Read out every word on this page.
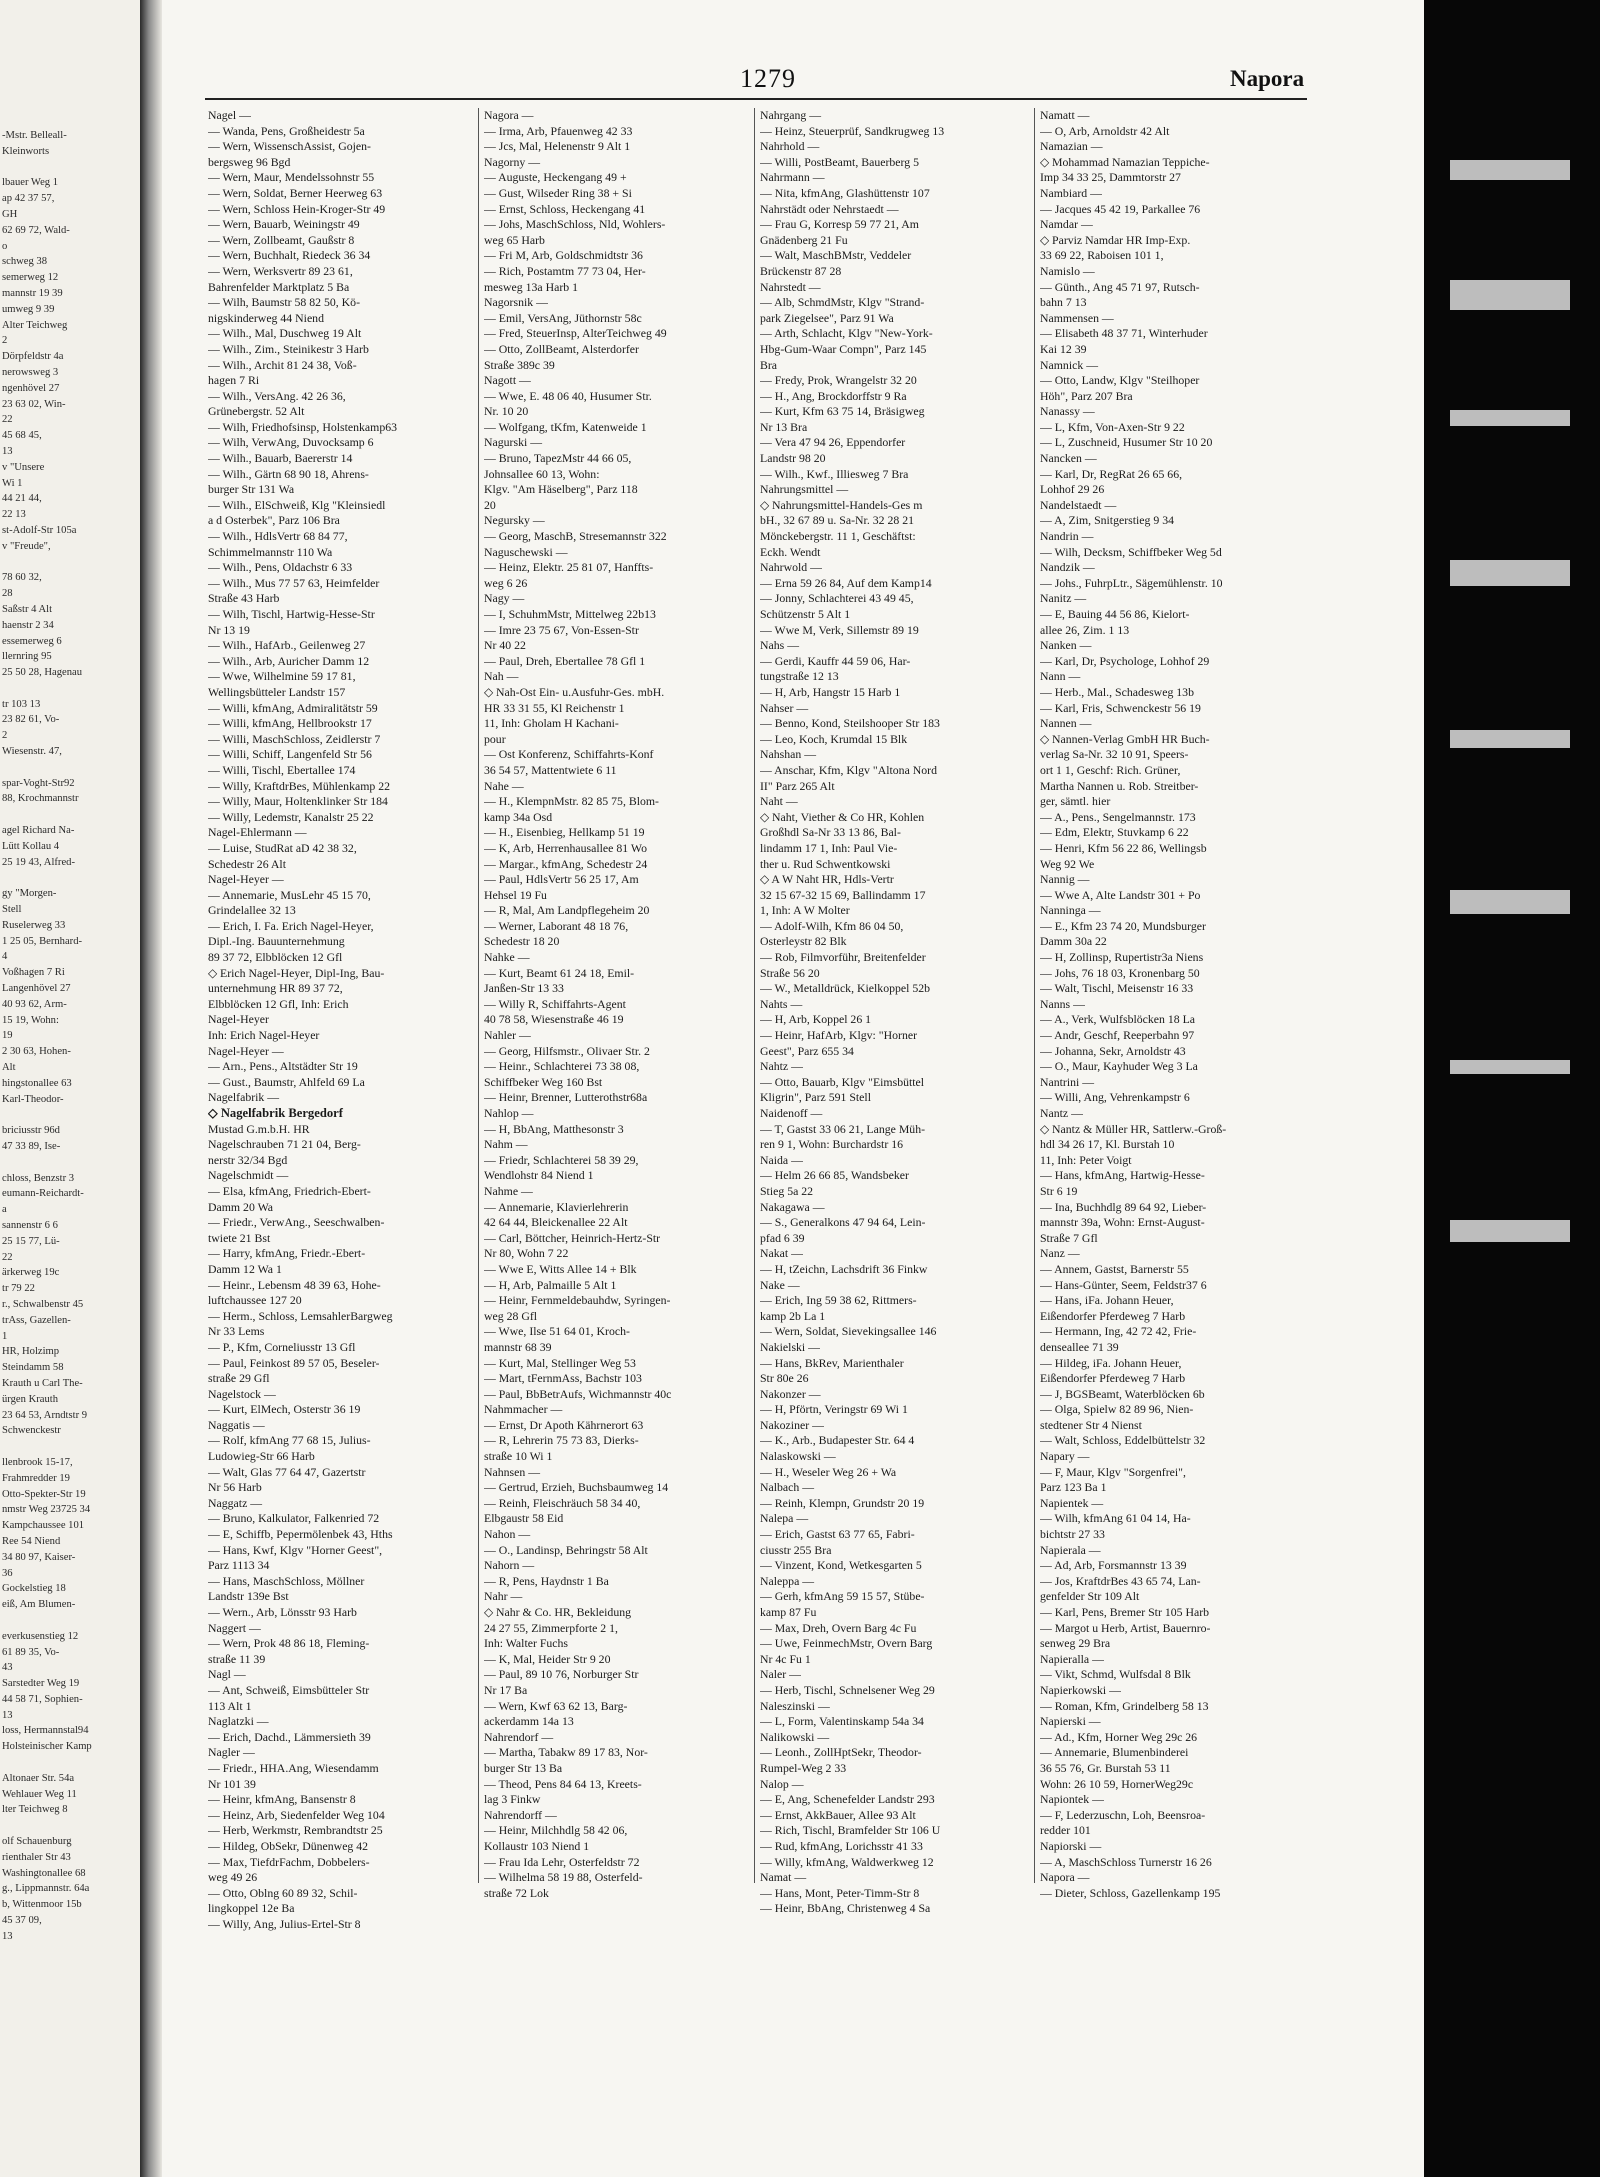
-Mstr. Belleall-
Kleinworts
lbauer Weg 1
ap 42 37 57,
GH
62 69 72, Wald-
o
schweg 38
semerweg 12
mannstr 19 39
umweg 9 39
Alter Teichweg
2
Dörpfeldstr 4a
nerowsweg 3
ngenhövel 27
23 63 02, Win-
22
45 68 45,
13
v "Unsere
Wi 1
44 21 44,
22 13
st-Adolf-Str 105a
v "Freude",
78 60 32,
28
Saßstr 4 Alt
haenstr 2 34
essemerweg 6
llernring 95
25 50 28, Hagenau
tr 103 13
23 82 61, Vo-
2
Wiesenstr. 47,
spar-Voght-Str92
88, Krochmannstr
agel Richard Na-
Lütt Kollau 4
25 19 43, Alfred-
gy "Morgen-
Stell
Ruselerweg 33
1 25 05, Bernhard-
4
Voßhagen 7 Ri
Langenhövel 27
40 93 62, Arm-
15 19, Wohn:
19
2 30 63, Hohen-
Alt
hingstonallee 63
Karl-Theodor-
briciusstr 96d
47 33 89, Ise-
chloss, Benzstr 3
eumann-Reichardt-
a
sannenstr 6 6
25 15 77, Lü-
22
ärkerweg 19c
tr 79 22
r., Schwalbenstr 45
trAss, Gazellen-
1
HR, Holzimp
Steindamm 58
Krauth u Carl The-
ürgen Krauth
23 64 53, Arndtstr 9
Schwenckestr
llenbrook 15-17,
Frahmredder 19
Otto-Spekter-Str 19
nmstr Weg 23725 34
Kampchaussee 101
Ree 54 Niend
34 80 97, Kaiser-
36
Gockelstieg 18
eiß, Am Blumen-
everkusenstieg 12
61 89 35, Vo-
43
Sarstedter Weg 19
44 58 71, Sophien-
13
loss, Hermannstal94
Holsteinischer Kamp
Altonaer Str. 54a
Wehlauer Weg 11
lter Teichweg 8
olf Schauenburg
rienthaler Str 43
Washingtonallee 68
g., Lippmannstr. 64a
b, Wittenmoor 15b
45 37 09,
13
1279	Napora
Nagel —
— Wanda, Pens, Großheidestr 5a
— Wern, WissenschAssist, Gojen-
bergsweg 96 Bgd
— Wern, Maur, Mendelssohnstr 55
— Wern, Soldat, Berner Heerweg 63
— Wern, Schloss Hein-Kroger-Str 49
— Wern, Bauarb, Weiningstr 49
— Wern, Zollbeamt, Gaußstr 8
— Wern, Buchhalt, Riedeck 36 34
— Wern, Werksvertr 89 23 61,
Bahrenfelder Marktplatz 5 Ba
— Wilh, Baumstr 58 82 50, Kö-
nigskinderweg 44 Niend
— Wilh., Mal, Duschweg 19 Alt
— Wilh., Zim., Steinikestr 3 Harb
— Wilh., Archit 81 24 38, Voß-
hagen 7 Ri
— Wilh., VersAng. 42 26 36,
Grünebergstr. 52 Alt
— Wilh, Friedhofsinsp, Holstenkamp63
— Wilh, VerwAng, Duvocksamp 6
— Wilh., Bauarb, Baererstr 14
— Wilh., Gärtn 68 90 18, Ahrens-
burger Str 131 Wa
— Wilh., ElSchweiß, Klg "Kleinsiedl
a d Osterbek", Parz 106 Bra
— Wilh., HdlsVertr 68 84 77,
Schimmelmannstr 110 Wa
— Wilh., Pens, Oldachstr 6 33
— Wilh., Mus 77 57 63, Heimfelder
Straße 43 Harb
— Wilh, Tischl, Hartwig-Hesse-Str
Nr 13 19
— Wilh., HafArb., Geilenweg 27
— Wilh., Arb, Auricher Damm 12
— Wwe, Wilhelmine 59 17 81,
Wellingsbütteler Landstr 157
— Willi, kfmAng, Admiralitätstr 59
— Willi, kfmAng, Hellbrookstr 17
— Willi, MaschSchloss, Zeidlerstr 7
— Willi, Schiff, Langenfeld Str 56
— Willi, Tischl, Ebertallee 174
— Willy, KraftdrBes, Mühlenkamp 22
— Willy, Maur, Holtenklinker Str 184
— Willy, Ledemstr, Kanalstr 25 22
Nagel-Ehlermann —
— Luise, StudRat aD 42 38 32,
Schedestr 26 Alt
Nagel-Heyer —
— Annemarie, MusLehr 45 15 70,
Grindelallee 32 13
— Erich, I. Fa. Erich Nagel-Heyer,
Dipl.-Ing. Bauunternehmung
89 37 72, Elbblöcken 12 Gfl
◇ Erich Nagel-Heyer, Dipl-Ing, Bau-
unternehmung HR 89 37 72,
Elbblöcken 12 Gfl, Inh: Erich
Nagel-Heyer
Inh: Erich Nagel-Heyer
Nagel-Heyer —
— Arn., Pens., Altstädter Str 19
— Gust., Baumstr, Ahlfeld 69 La
Nagelfabrik —
◇ Nagelfabrik Bergedorf
Mustad G.m.b.H. HR
Nagelschrauben 71 21 04, Berg-
nerstr 32/34 Bgd
Nagelschmidt —
— Elsa, kfmAng, Friedrich-Ebert-
Damm 20 Wa
— Friedr., VerwAng., Seeschwalben-
twiete 21 Bst
— Harry, kfmAng, Friedr.-Ebert-
Damm 12 Wa 1
— Heinr., Lebensm 48 39 63, Hohe-
luftchaussee 127 20
— Herm., Schloss, LemsahlerBargweg
Nr 33 Lems
— P., Kfm, Corneliusstr 13 Gfl
— Paul, Feinkost 89 57 05, Beseler-
straße 29 Gfl
Nagelstock —
— Kurt, ElMech, Osterstr 36 19
Naggatis —
— Rolf, kfmAng 77 68 15, Julius-
Ludowieg-Str 66 Harb
— Walt, Glas 77 64 47, Gazertstr
Nr 56 Harb
Naggatz —
— Bruno, Kalkulator, Falkenried 72
— E, Schiffb, Pepermölenbek 43, Hths
— Hans, Kwf, Klgv "Horner Geest",
Parz 1113 34
— Hans, MaschSchloss, Möllner
Landstr 139e Bst
— Wern., Arb, Lönsstr 93 Harb
Naggert —
— Wern, Prok 48 86 18, Fleming-
straße 11 39
Nagl —
— Ant, Schweiß, Eimsbütteler Str
113 Alt 1
Naglatzki —
— Erich, Dachd., Lämmersieth 39
Nagler —
— Friedr., HHA.Ang, Wiesendamm
Nr 101 39
— Heinr, kfmAng, Bansenstr 8
— Heinz, Arb, Siedenfelder Weg 104
— Herb, Werkmstr, Rembrandtstr 25
— Hildeg, ObSekr, Dünenweg 42
— Max, TiefdrFachm, Dobbelers-
weg 49 26
— Otto, Oblng 60 89 32, Schil-
lingkoppel 12e Ba
— Willy, Ang, Julius-Ertel-Str 8
Nagora —
— Irma, Arb, Pfauenweg 42 33
— Jcs, Mal, Helenenstr 9 Alt 1
Nagorny —
— Auguste, Heckengang 49 +
— Gust, Wilseder Ring 38 + Si
— Ernst, Schloss, Heckengang 41
— Johs, MaschSchloss, Nld, Wohlers-
weg 65 Harb
— Fri M, Arb, Goldschmidtstr 36
— Rich, Postamtm 77 73 04, Her-
mesweg 13a Harb 1
Nagorsnik —
— Emil, VersAng, Jüthornstr 58c
— Fred, SteuerInsp, AlterTeichweg 49
— Otto, ZollBeamt, Alsterdorfer
Straße 389c 39
Nagott —
— Wwe, E. 48 06 40, Husumer Str.
Nr. 10 20
— Wolfgang, tKfm, Katenweide 1
Nagurski —
— Bruno, TapezMstr 44 66 05,
Johnsallee 60 13, Wohn:
Klgv. "Am Häselberg", Parz 118
20
Negursky —
— Georg, MaschB, Stresemannstr 322
Naguschewski —
— Heinz, Elektr. 25 81 07, Hanffts-
weg 6 26
Nagy —
— I, SchuhmMstr, Mittelweg 22b13
— Imre 23 75 67, Von-Essen-Str
Nr 40 22
— Paul, Dreh, Ebertallee 78 Gfl 1
Nah —
◇ Nah-Ost Ein- u.Ausfuhr-Ges. mbH.
HR 33 31 55, Kl Reichenstr 1
11, Inh: Gholam H Kachani-
pour
— Ost Konferenz, Schiffahrts-Konf
36 54 57, Mattentwiete 6 11
Nahe —
— H., KlempnMstr. 82 85 75, Blom-
kamp 34a Osd
— H., Eisenbieg, Hellkamp 51 19
— K, Arb, Herrenhausallee 81 Wo
— Margar., kfmAng, Schedestr 24
— Paul, HdlsVertr 56 25 17, Am
Hehsel 19 Fu
— R, Mal, Am Landpflegeheim 20
— Werner, Laborant 48 18 76,
Schedestr 18 20
Nahke —
— Kurt, Beamt 61 24 18, Emil-
Janßen-Str 13 33
— Willy R, Schiffahrts-Agent
40 78 58, Wiesenstraße 46 19
Nahler —
— Georg, Hilfsmstr., Olivaer Str. 2
— Heinr., Schlachterei 73 38 08,
Schiffbeker Weg 160 Bst
— Heinr, Brenner, Lutterothstr68a
Nahlop —
— H, BbAng, Matthesonstr 3
Nahm —
— Friedr, Schlachterei 58 39 29,
Wendlohstr 84 Niend 1
Nahme —
— Annemarie, Klavierlehrerin
42 64 44, Bleickenallee 22 Alt
— Carl, Böttcher, Heinrich-Hertz-Str
Nr 80, Wohn 7 22
— Wwe E, Witts Allee 14 + Blk
— H, Arb, Palmaille 5 Alt 1
— Heinr, Fernmeldebauhdw, Syringen-
weg 28 Gfl
— Wwe, Ilse 51 64 01, Kroch-
mannstr 68 39
— Kurt, Mal, Stellinger Weg 53
— Mart, tFernmAss, Bachstr 103
— Paul, BbBetrAufs, Wichmannstr 40c
Nahmmacher —
— Ernst, Dr Apoth Kährnerort 63
— R, Lehrerin 75 73 83, Dierks-
straße 10 Wi 1
Nahnsen —
— Gertrud, Erzieh, Buchsbaumweg 14
— Reinh, Fleischräuch 58 34 40,
Elbgaustr 58 Eid
Nahon —
— O., Landinsp, Behringstr 58 Alt
Nahorn —
— R, Pens, Haydnstr 1 Ba
Nahr —
◇ Nahr & Co. HR, Bekleidung
24 27 55, Zimmerpforte 2 1,
Inh: Walter Fuchs
— K, Mal, Heider Str 9 20
— Paul, 89 10 76, Norburger Str
Nr 17 Ba
— Wern, Kwf 63 62 13, Barg-
ackerdamm 14a 13
Nahrendorf —
— Martha, Tabakw 89 17 83, Nor-
burger Str 13 Ba
— Theod, Pens 84 64 13, Kreets-
lag 3 Finkw
Nahrendorff —
— Heinr, Milchhdlg 58 42 06,
Kollaustr 103 Niend 1
— Frau Ida Lehr, Osterfeldstr 72
— Wilhelma 58 19 88, Osterfeld-
straße 72 Lok
Nahrgang —
— Heinz, Steuerprüf, Sandkrugweg 13
Nahrhold —
— Willi, PostBeamt, Bauerberg 5
Nahrmann —
— Nita, kfmAng, Glashüttenstr 107
Nahrstädt oder Nehrstaedt —
— Frau G, Korresp 59 77 21, Am
Gnädenberg 21 Fu
— Walt, MaschBMstr, Veddeler
Brückenstr 87 28
Nahrstedt —
— Alb, SchmdMstr, Klgv "Strand-
park Ziegelsee", Parz 91 Wa
— Arth, Schlacht, Klgv "New-York-
Hbg-Gum-Waar Compn", Parz 145
Bra
— Fredy, Prok, Wrangelstr 32 20
— H., Ang, Brockdorffstr 9 Ra
— Kurt, Kfm 63 75 14, Bräsigweg
Nr 13 Bra
— Vera 47 94 26, Eppendorfer
Landstr 98 20
— Wilh., Kwf., Illiesweg 7 Bra
Nahrungsmittel —
◇ Nahrungsmittel-Handels-Ges m
bH., 32 67 89 u. Sa-Nr. 32 28 21
Mönckebergstr. 11 1, Geschäftst:
Eckh. Wendt
Nahrwold —
— Erna 59 26 84, Auf dem Kamp14
— Jonny, Schlachterei 43 49 45,
Schützenstr 5 Alt 1
— Wwe M, Verk, Sillemstr 89 19
Nahs —
— Gerdi, Kauffr 44 59 06, Har-
tungstraße 12 13
— H, Arb, Hangstr 15 Harb 1
Nahser —
— Benno, Kond, Steilshooper Str 183
— Leo, Koch, Krumdal 15 Blk
Nahshan —
— Anschar, Kfm, Klgv "Altona Nord
II" Parz 265 Alt
Naht —
◇ Naht, Viether & Co HR, Kohlen
Großhdl Sa-Nr 33 13 86, Bal-
lindamm 17 1, Inh: Paul Vie-
ther u. Rud Schwentkowski
◇ A W Naht HR, Hdls-Vertr
32 15 67-32 15 69, Ballindamm 17
1, Inh: A W Molter
— Adolf-Wilh, Kfm 86 04 50,
Osterleystr 82 Blk
— Rob, Filmvorführ, Breitenfelder
Straße 56 20
— W., Metalldrück, Kielkoppel 52b
Nahts —
— H, Arb, Koppel 26 1
— Heinr, HafArb, Klgv: "Horner
Geest", Parz 655 34
Nahtz —
— Otto, Bauarb, Klgv "Eimsbüttel
Kligrin", Parz 591 Stell
Naidenoff —
— T, Gastst 33 06 21, Lange Müh-
ren 9 1, Wohn: Burchardstr 16
Naida —
— Helm 26 66 85, Wandsbeker
Stieg 5a 22
Nakagawa —
— S., Generalkons 47 94 64, Lein-
pfad 6 39
Nakat —
— H, tZeichn, Lachsdrift 36 Finkw
Nake —
— Erich, Ing 59 38 62, Rittmers-
kamp 2b La 1
— Wern, Soldat, Sievekingsallee 146
Nakielski —
— Hans, BkRev, Marienthaler
Str 80e 26
Nakonzer —
— H, Pförtn, Veringstr 69 Wi 1
Nakoziner —
— K., Arb., Budapester Str. 64 4
Nalaskowski —
— H., Weseler Weg 26 + Wa
Nalbach —
— Reinh, Klempn, Grundstr 20 19
Nalepa —
— Erich, Gastst 63 77 65, Fabri-
ciusstr 255 Bra
— Vinzent, Kond, Wetkesgarten 5
Naleppa —
— Gerh, kfmAng 59 15 57, Stübe-
kamp 87 Fu
— Max, Dreh, Overn Barg 4c Fu
— Uwe, FeinmechMstr, Overn Barg
Nr 4c Fu 1
Naler —
— Herb, Tischl, Schnelsener Weg 29
Naleszinski —
— L, Form, Valentinskamp 54a 34
Nalikowski —
— Leonh., ZollHptSekr, Theodor-
Rumpel-Weg 2 33
Nalop —
— E, Ang, Schenefelder Landstr 293
— Ernst, AkkBauer, Allee 93 Alt
— Rich, Tischl, Bramfelder Str 106 U
— Rud, kfmAng, Lorichsstr 41 33
— Willy, kfmAng, Waldwerkweg 12
Namat —
— Hans, Mont, Peter-Timm-Str 8
— Heinr, BbAng, Christenweg 4 Sa
Namatt —
— O, Arb, Arnoldstr 42 Alt
Namazian —
◇ Mohammad Namazian Teppiche-
Imp 34 33 25, Dammtorstr 27
Nambiard —
— Jacques 45 42 19, Parkallee 76
Namdar —
◇ Parviz Namdar HR Imp-Exp.
33 69 22, Raboisen 101 1,
Namislo —
— Günth., Ang 45 71 97, Rutsch-
bahn 7 13
Nammensen —
— Elisabeth 48 37 71, Winterhuder
Kai 12 39
Namnick —
— Otto, Landw, Klgv "Steilhoper
Höh", Parz 207 Bra
Nanassy —
— L, Kfm, Von-Axen-Str 9 22
— L, Zuschneid, Husumer Str 10 20
Nancken —
— Karl, Dr, RegRat 26 65 66,
Lohhof 29 26
Nandelstaedt —
— A, Zim, Snitgerstieg 9 34
Nandrin —
— Wilh, Decksm, Schiffbeker Weg 5d
Nandzik —
— Johs., FuhrpLtr., Sägemühlenstr. 10
Nanitz —
— E, Bauing 44 56 86, Kielort-
allee 26, Zim. 1 13
Nanken —
— Karl, Dr, Psychologe, Lohhof 29
Nann —
— Herb., Mal., Schadesweg 13b
— Karl, Fris, Schwenckestr 56 19
Nannen —
◇ Nannen-Verlag GmbH HR Buch-
verlag Sa-Nr. 32 10 91, Speers-
ort 1 1, Geschf: Rich. Grüner,
Martha Nannen u. Rob. Streitber-
ger, sämtl. hier
— A., Pens., Sengelmannstr. 173
— Edm, Elektr, Stuvkamp 6 22
— Henri, Kfm 56 22 86, Wellingsb
Weg 92 We
Nannig —
— Wwe A, Alte Landstr 301 + Po
Nanninga —
— E., Kfm 23 74 20, Mundsburger
Damm 30a 22
— H, Zollinsp, Rupertistr3a Niens
— Johs, 76 18 03, Kronenbarg 50
— Walt, Tischl, Meisenstr 16 33
Nanns —
— A., Verk, Wulfsblöcken 18 La
— Andr, Geschf, Reeperbahn 97
— Johanna, Sekr, Arnoldstr 43
— O., Maur, Kayhuder Weg 3 La
Nantrini —
— Willi, Ang, Vehrenkampstr 6
Nantz —
◇ Nantz & Müller HR, Sattlerw.-Groß-
hdl 34 26 17, Kl. Burstah 10
11, Inh: Peter Voigt
— Hans, kfmAng, Hartwig-Hesse-
Str 6 19
— Ina, Buchhdlg 89 64 92, Lieber-
mannstr 39a, Wohn: Ernst-August-
Straße 7 Gfl
Nanz —
— Annem, Gastst, Barnerstr 55
— Hans-Günter, Seem, Feldstr37 6
— Hans, iFa. Johann Heuer,
Eißendorfer Pferdeweg 7 Harb
— Hermann, Ing, 42 72 42, Frie-
denseallee 71 39
— Hildeg, iFa. Johann Heuer,
Eißendorfer Pferdeweg 7 Harb
— J, BGSBeamt, Waterblöcken 6b
— Olga, Spielw 82 89 96, Nien-
stedtener Str 4 Nienst
— Walt, Schloss, Eddelbüttelstr 32
Napary —
— F, Maur, Klgv "Sorgenfrei",
Parz 123 Ba 1
Napientek —
— Wilh, kfmAng 61 04 14, Ha-
bichtstr 27 33
Napierala —
— Ad, Arb, Forsmannstr 13 39
— Jos, KraftdrBes 43 65 74, Lan-
genfelder Str 109 Alt
— Karl, Pens, Bremer Str 105 Harb
— Margot u Herb, Artist, Bauernro-
senweg 29 Bra
Napieralla —
— Vikt, Schmd, Wulfsdal 8 Blk
Napierkowski —
— Roman, Kfm, Grindelberg 58 13
Napierski —
— Ad., Kfm, Horner Weg 29c 26
— Annemarie, Blumenbinderei
36 55 76, Gr. Burstah 53 11
Wohn: 26 10 59, HornerWeg29c
Napiontek —
— F, Lederzuschn, Loh, Beensroa-
redder 101
Napiorski —
— A, MaschSchloss Turnerstr 16 26
Napora —
— Dieter, Schloss, Gazellenkamp 195
